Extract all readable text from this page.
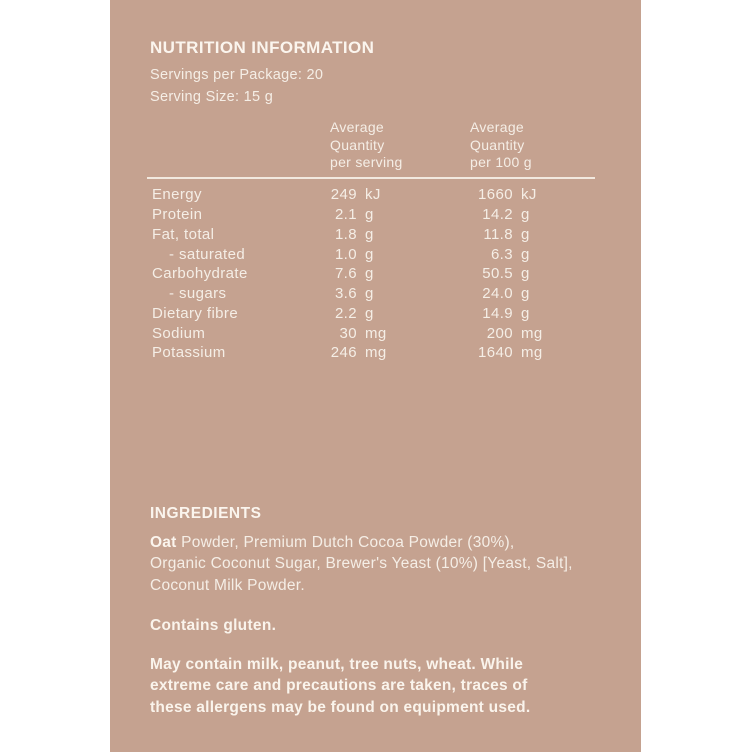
NUTRITION INFORMATION
Servings per Package: 20
Serving Size: 15 g
Average
Quantity
per serving
Average
Quantity
per 100 g
Energy	249 kJ	1660 kJ
Protein	2.1 g	14.2 g
Fat, total	1.8 g	11.8 g
- saturated	1.0 g	6.3 g
Carbohydrate	7.6 g	50.5 g
- sugars	3.6 g	24.0 g
Dietary fibre	2.2 g	14.9 g
Sodium	30 mg	200 mg
Potassium	246 mg	1640 mg
INGREDIENTS
Oat Powder, Premium Dutch Cocoa Powder (30%),
Organic Coconut Sugar, Brewer's Yeast (10%) [Yeast, Salt],
Coconut Milk Powder.
Contains gluten.
May contain milk, peanut, tree nuts, wheat. While
extreme care and precautions are taken, traces of
these allergens may be found on equipment used.
